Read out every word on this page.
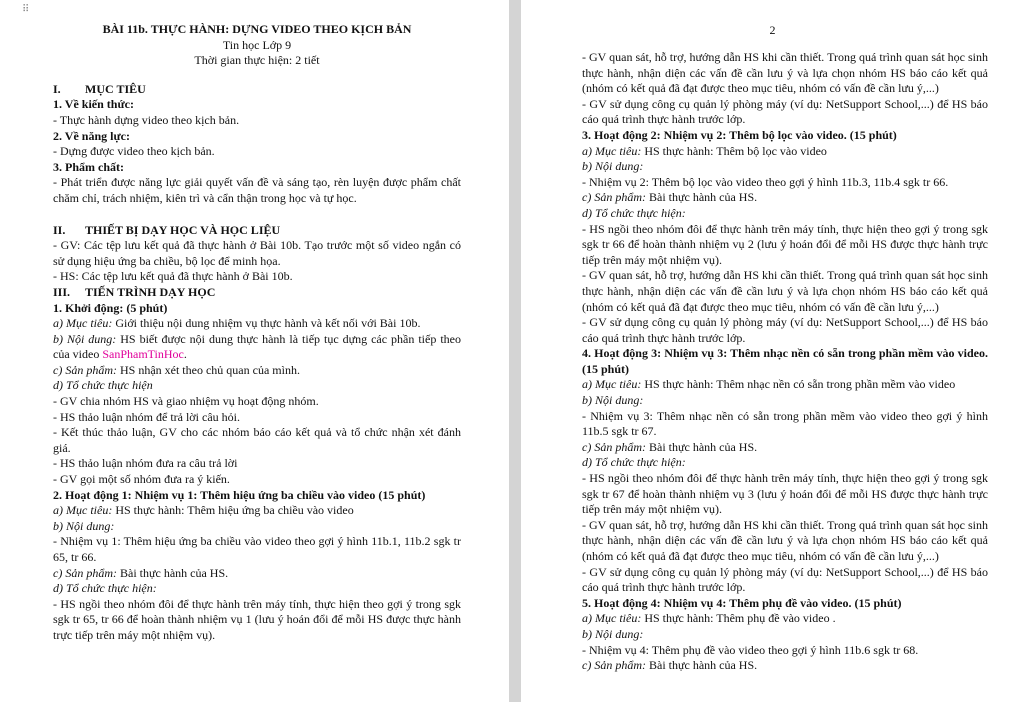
⠿

BÀI 11b. THỰC HÀNH: DỰNG VIDEO THEO KỊCH BẢN

Tin học Lớp 9

Thời gian thực hiện: 2 tiết

I. MỤC TIÊU

1. Về kiến thức:

- Thực hành dựng video theo kịch bản.

2. Về năng lực:

- Dựng được video theo kịch bản.

3. Phẩm chất:

- Phát triển được năng lực giải quyết vấn đề và sáng tạo, rèn luyện được phẩm chất chăm chỉ, trách nhiệm, kiên trì và cẩn thận trong học và tự học.

II. THIẾT BỊ DẠY HỌC VÀ HỌC LIỆU

- GV: Các tệp lưu kết quả đã thực hành ở Bài 10b. Tạo trước một số video ngắn có sử dụng hiệu ứng ba chiều, bộ lọc để minh họa.

- HS: Các tệp lưu kết quả đã thực hành ở Bài 10b.

III. TIẾN TRÌNH DẠY HỌC

1. Khởi động: (5 phút)

a) Mục tiêu: Giới thiệu nội dung nhiệm vụ thực hành và kết nối với Bài 10b.

b) Nội dung: HS biết được nội dung thực hành là tiếp tục dựng các phần tiếp theo của video SanPhamTinHoc.

c) Sản phẩm: HS nhận xét theo chủ quan của mình.

d) Tổ chức thực hiện

- GV chia nhóm HS và giao nhiệm vụ hoạt động nhóm.

- HS thảo luận nhóm để trả lời câu hỏi.

- Kết thúc thảo luận, GV cho các nhóm báo cáo kết quả và tổ chức nhận xét đánh giá.

- HS thảo luận nhóm đưa ra câu trả lời

- GV gọi một số nhóm đưa ra ý kiến.

2. Hoạt động 1: Nhiệm vụ 1: Thêm hiệu ứng ba chiều vào video (15 phút)

a) Mục tiêu: HS thực hành: Thêm hiệu ứng ba chiều vào video

b) Nội dung:

- Nhiệm vụ 1: Thêm hiệu ứng ba chiều vào video theo gợi ý hình 11b.1, 11b.2 sgk tr 65, tr 66.

c) Sản phẩm: Bài thực hành của HS.

d) Tổ chức thực hiện:

- HS ngồi theo nhóm đôi để thực hành trên máy tính, thực hiện theo gợi ý trong sgk sgk tr 65, tr 66 để hoàn thành nhiệm vụ 1 (lưu ý hoán đổi để mỗi HS được thực hành trực tiếp trên máy một nhiệm vụ).

2

- GV quan sát, hỗ trợ, hướng dẫn HS khi cần thiết. Trong quá trình quan sát học sinh thực hành, nhận diện các vấn đề cần lưu ý và lựa chọn nhóm HS báo cáo kết quả (nhóm có kết quả đã đạt được theo mục tiêu, nhóm có vấn đề cần lưu ý,...)

- GV sử dụng công cụ quản lý phòng máy (ví dụ: NetSupport School,...) để HS báo cáo quá trình thực hành trước lớp.

3. Hoạt động 2: Nhiệm vụ 2: Thêm bộ lọc vào video. (15 phút)

a) Mục tiêu: HS thực hành: Thêm bộ lọc vào video

b) Nội dung:

- Nhiệm vụ 2: Thêm bộ lọc vào video theo gợi ý hình 11b.3, 11b.4 sgk tr 66.

c) Sản phẩm: Bài thực hành của HS.

d) Tổ chức thực hiện:

- HS ngồi theo nhóm đôi để thực hành trên máy tính, thực hiện theo gợi ý trong sgk sgk tr 66 để hoàn thành nhiệm vụ 2 (lưu ý hoán đổi để mỗi HS được thực hành trực tiếp trên máy một nhiệm vụ).

- GV quan sát, hỗ trợ, hướng dẫn HS khi cần thiết. Trong quá trình quan sát học sinh thực hành, nhận diện các vấn đề cần lưu ý và lựa chọn nhóm HS báo cáo kết quả (nhóm có kết quả đã đạt được theo mục tiêu, nhóm có vấn đề cần lưu ý,...)

- GV sử dụng công cụ quản lý phòng máy (ví dụ: NetSupport School,...) để HS báo cáo quá trình thực hành trước lớp.

4. Hoạt động 3: Nhiệm vụ 3: Thêm nhạc nền có sẵn trong phần mềm vào video. (15 phút)

a) Mục tiêu: HS thực hành: Thêm nhạc nền có sẵn trong phần mềm vào video

b) Nội dung:

- Nhiệm vụ 3: Thêm nhạc nền có sẵn trong phần mềm vào video theo gợi ý hình 11b.5 sgk tr 67.

c) Sản phẩm: Bài thực hành của HS.

d) Tổ chức thực hiện:

- HS ngồi theo nhóm đôi để thực hành trên máy tính, thực hiện theo gợi ý trong sgk sgk tr 67 để hoàn thành nhiệm vụ 3 (lưu ý hoán đổi để mỗi HS được thực hành trực tiếp trên máy một nhiệm vụ).

- GV quan sát, hỗ trợ, hướng dẫn HS khi cần thiết. Trong quá trình quan sát học sinh thực hành, nhận diện các vấn đề cần lưu ý và lựa chọn nhóm HS báo cáo kết quả (nhóm có kết quả đã đạt được theo mục tiêu, nhóm có vấn đề cần lưu ý,...)

- GV sử dụng công cụ quản lý phòng máy (ví dụ: NetSupport School,...) để HS báo cáo quá trình thực hành trước lớp.

5. Hoạt động 4: Nhiệm vụ 4: Thêm phụ đề vào video. (15 phút)

a) Mục tiêu: HS thực hành: Thêm phụ đề vào video .

b) Nội dung:

- Nhiệm vụ 4: Thêm phụ đề vào video theo gợi ý hình 11b.6 sgk tr 68.

c) Sản phẩm: Bài thực hành của HS.
